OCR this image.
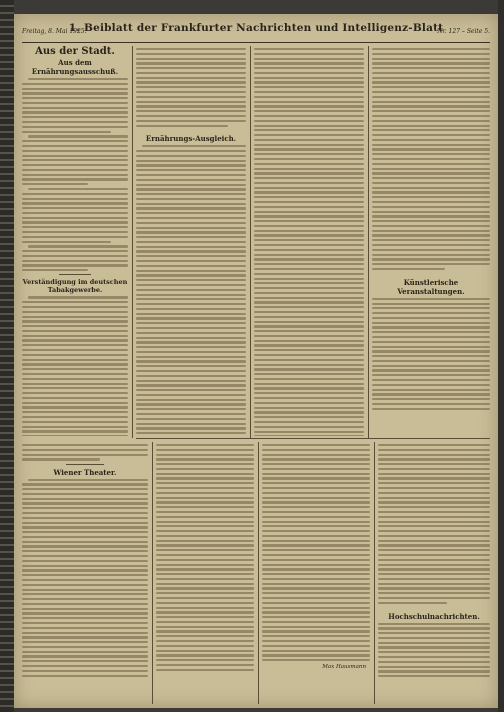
Freitag, 8. Mai 1925.
1. Beiblatt der Frankfurter Nachrichten und Intelligenz-Blatt
Nr. 127 – Seite 5.
Aus der Stadt.
Aus dem Ernährungsausschuß.
Verständigung im deutschen Tabakgewerbe.
Ernährungs-Ausgleich.
Künstlerische Veranstaltungen.
Wiener Theater.
Max Hausmann
Hochschulnachrichten.
